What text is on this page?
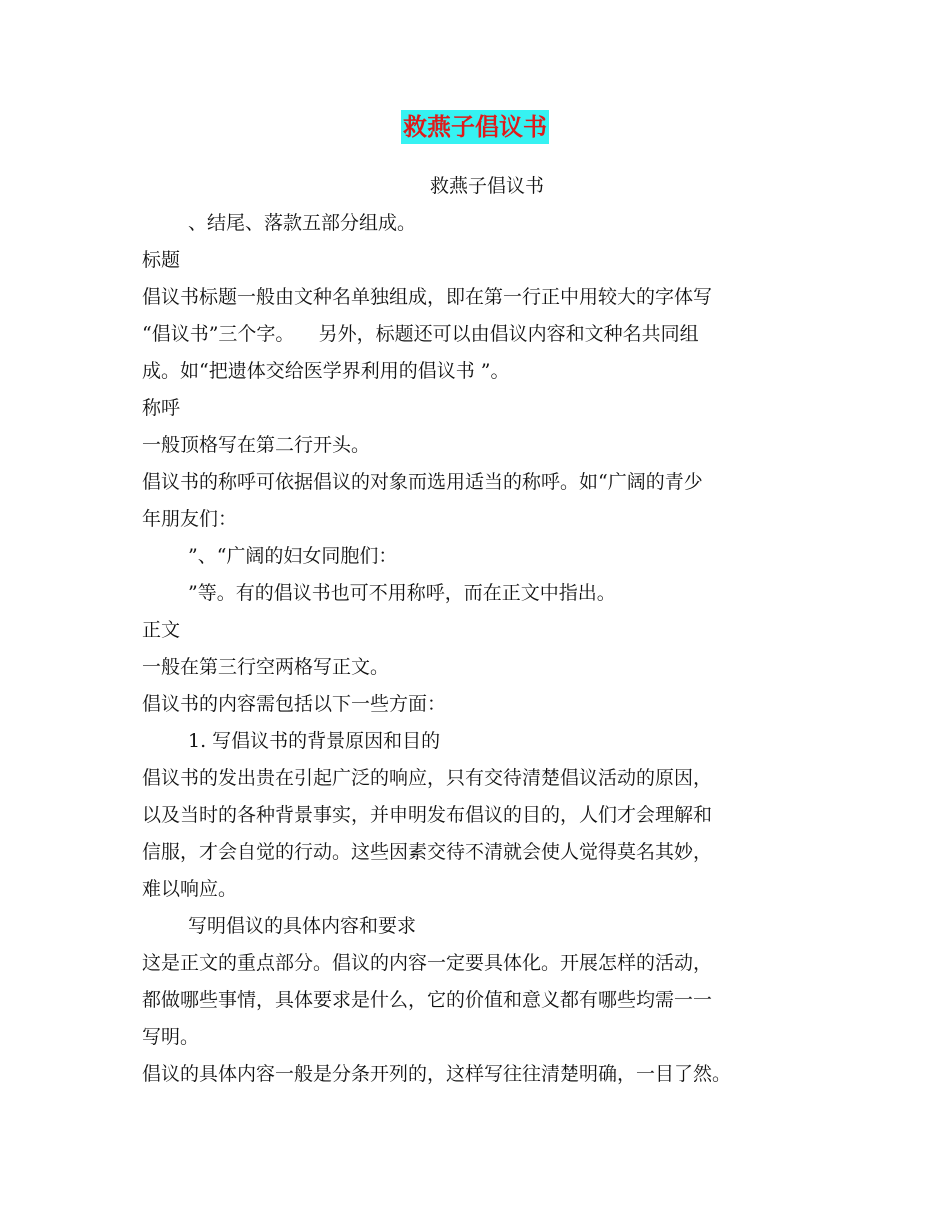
救燕子倡议书

救燕子倡议书

、结尾、落款五部分组成。

标题

倡议书标题一般由文种名单独组成，即在第一行正中用较大的字体写

“倡议书”三个字。    另外，标题还可以由倡议内容和文种名共同组

成。如“把遗体交给医学界利用的倡议书 ”。

称呼

一般顶格写在第二行开头。

倡议书的称呼可依据倡议的对象而选用适当的称呼。如“广阔的青少

年朋友们：

”、“广阔的妇女同胞们：

”等。有的倡议书也可不用称呼，而在正文中指出。

正文

一般在第三行空两格写正文。

倡议书的内容需包括以下一些方面：

1. 写倡议书的背景原因和目的

倡议书的发出贵在引起广泛的响应，只有交待清楚倡议活动的原因，

以及当时的各种背景事实，并申明发布倡议的目的，人们才会理解和

信服，才会自觉的行动。这些因素交待不清就会使人觉得莫名其妙，

难以响应。

写明倡议的具体内容和要求

这是正文的重点部分。倡议的内容一定要具体化。开展怎样的活动，

都做哪些事情，具体要求是什么，它的价值和意义都有哪些均需一一

写明。

倡议的具体内容一般是分条开列的，这样写往往清楚明确，一目了然。
